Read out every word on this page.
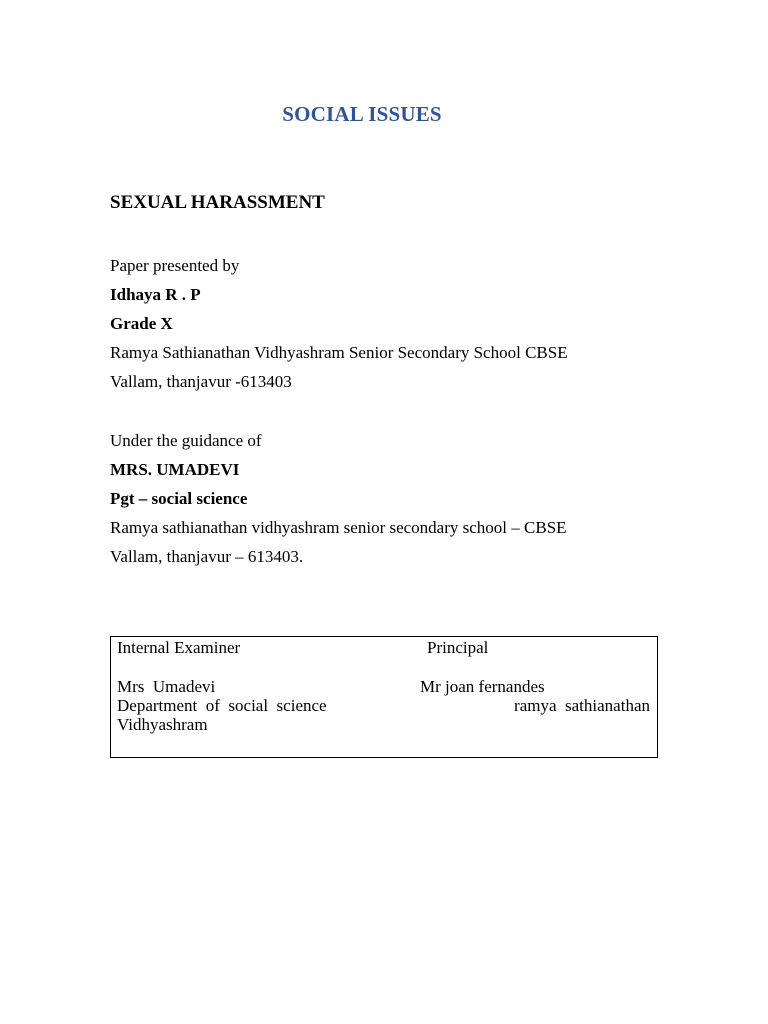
SOCIAL ISSUES
SEXUAL HARASSMENT
Paper presented by
Idhaya R . P
Grade X
Ramya Sathianathan Vidhyashram Senior Secondary School CBSE
Vallam, thanjavur -613403
Under the guidance of
MRS. UMADEVI
Pgt – social science
Ramya sathianathan vidhyashram senior secondary school – CBSE
Vallam, thanjavur – 613403.
Internal Examiner	Principal
Mrs  Umadevi	Mr joan fernandes
Department  of  social  science	ramya  sathianathan
Vidhyashram
